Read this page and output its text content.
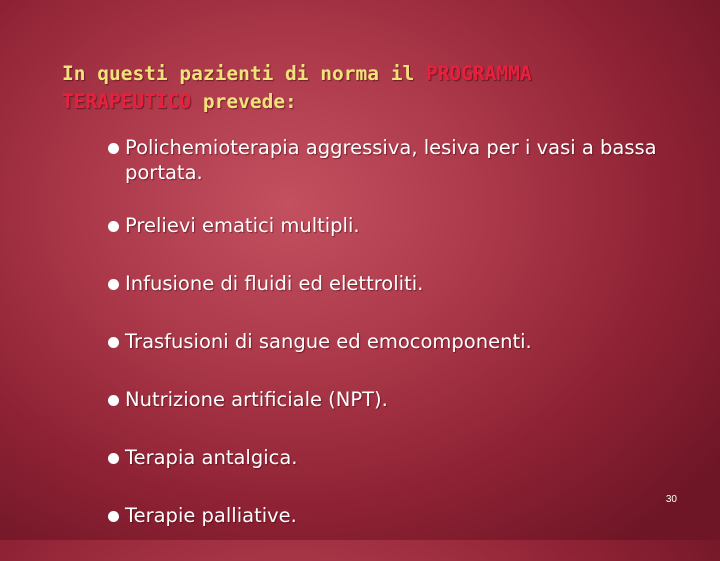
In questi pazienti di norma il PROGRAMMA TERAPEUTICO prevede:
Polichemioterapia aggressiva, lesiva per i vasi a bassa portata.
Prelievi ematici multipli.
Infusione di fluidi ed elettroliti.
Trasfusioni di sangue ed emocomponenti.
Nutrizione artificiale (NPT).
Terapia antalgica.
Terapie palliative.
30
